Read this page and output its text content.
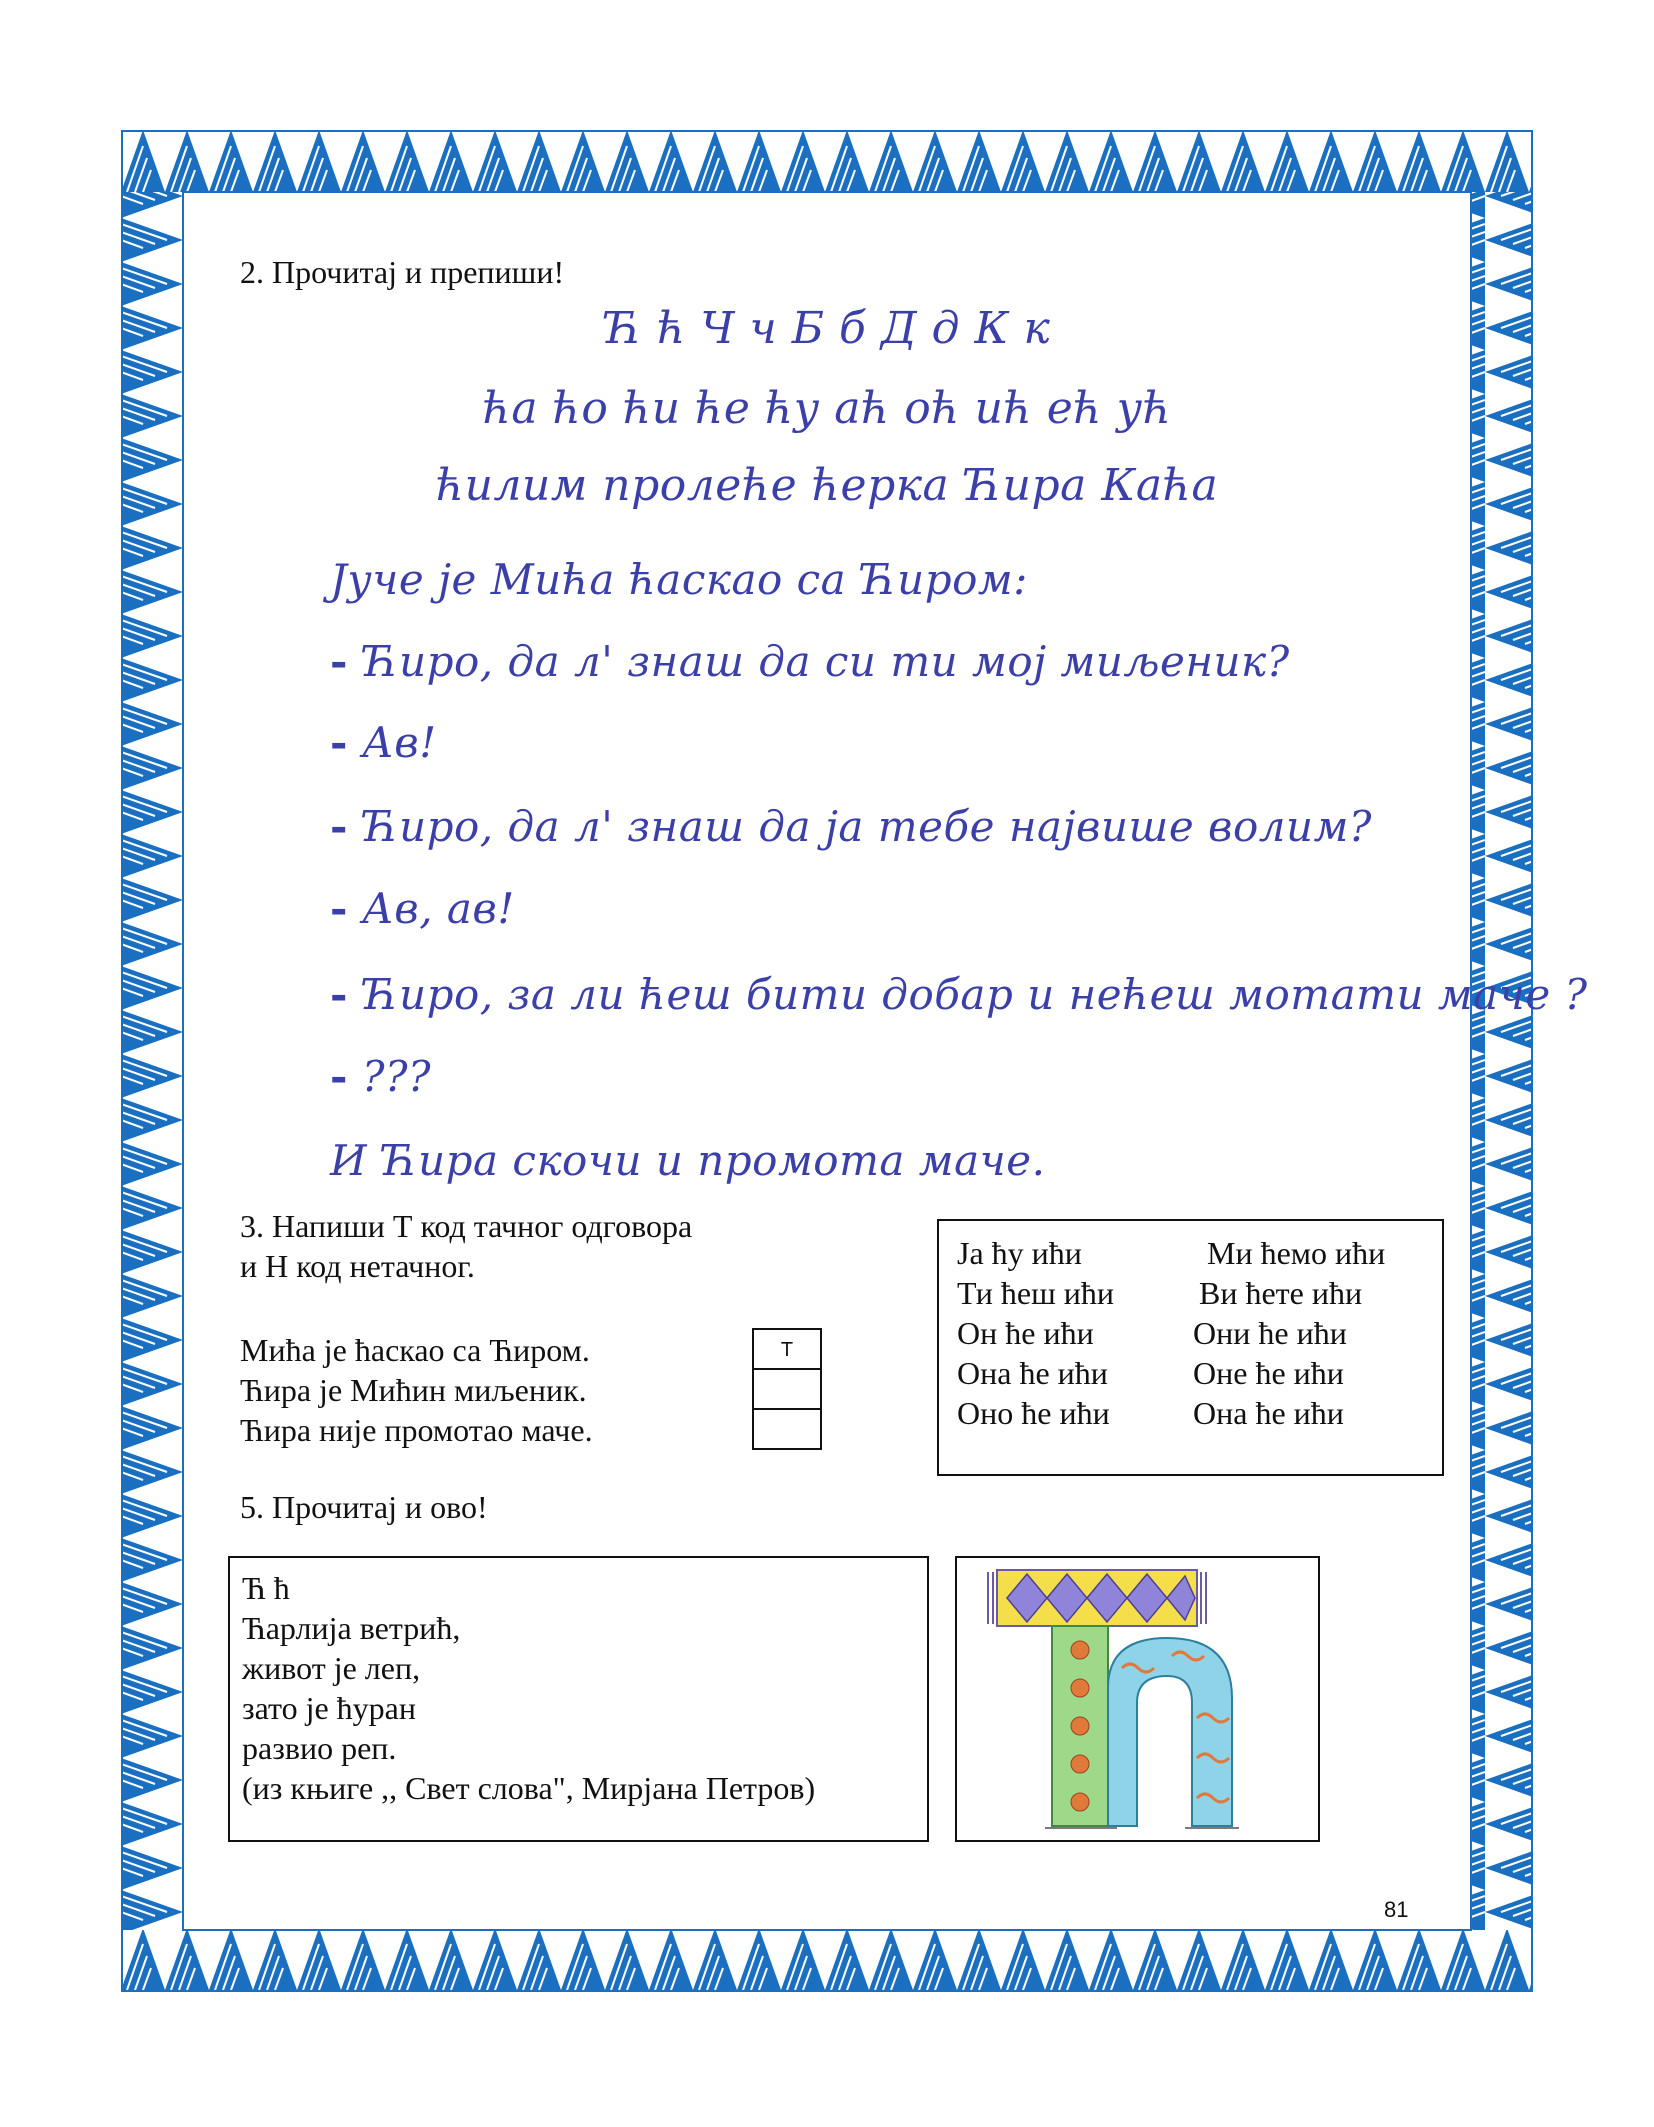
2. Прочитај и препиши!
Ћ ћ Ч ч Б б Д д К к
ћа ћо ћи ће ћу аћ оћ ић ећ ућ
ћилим пролеће ћерка Ћира Каћа
Јуче је Мића ћаскао са Ћиром:
- Ћиро, да л' знаш да си ти мој миљеник?
- Ав!
- Ћиро, да л' знаш да ја тебе највише волим?
- Ав, ав!
- Ћиро, за ли ћеш бити добар и нећеш мотати маче ?
- ???
И Ћира скочи и промота маче.
3. Напиши Т код тачног одговора
и Н код нетачног.
Мића је ћаскао са Ћиром.
Ћира је Мићин миљеник.
Ћира није промотао маче.
Т
Ја ћу ићи
Ти ћеш ићи
Он ће ићи
Она ће ићи
Оно ће ићи
Ми ћемо ићи
Ви ћете ићи
Они ће ићи
Оне ће ићи
Она ће ићи
5. Прочитај и ово!
Ћ ћ
Ћарлија ветрић,
живот је леп,
зато је ћуран
развио реп.
(из књиге ,, Свет слова", Мирјана Петров)
81
